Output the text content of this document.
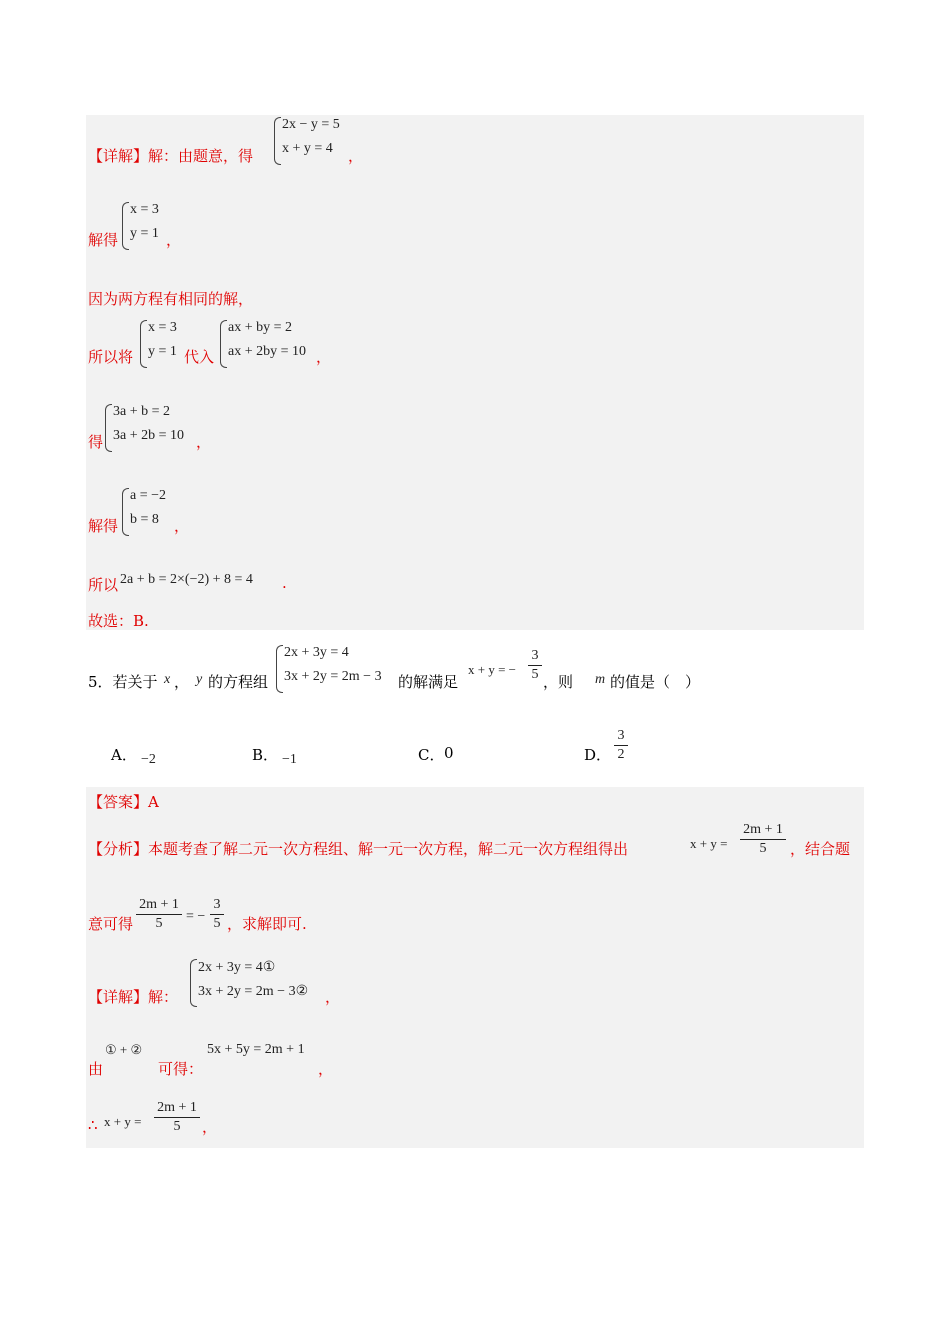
【详解】解：由题意，得
2x − y = 5
x + y = 4 ，
解得
x = 3
y = 1 ，
因为两方程有相同的解，
所以将
x = 3
y = 1 代入
ax + by = 2
ax + 2by = 10 ，
得
3a + b = 2
3a + 2b = 10 ，
解得
a = −2
b = 8 ，
所以 2a + b = 2×(−2) + 8 = 4 .
故选：B.
5．若关于 x ， y 的方程组
2x + 3y = 4
3x + 2y = 2m − 3 的解满足
x + y = −
3
5 ，则 m 的值是（　）
A． −2	B． −1	C． 0	D．
3
2
【答案】A
【分析】本题考查了解二元一次方程组、解一元一次方程，解二元一次方程组得出	x + y =
2m + 1
5	，结合题
意可得
2m + 1
5	= −
3
5 ，求解即可.
【详解】解：
2x + 3y = 4①
3x + 2y = 2m − 3② ，
由
① + ②
可得：
5x + 5y = 2m + 1
，
∴ x + y =
2m + 1
5	，
